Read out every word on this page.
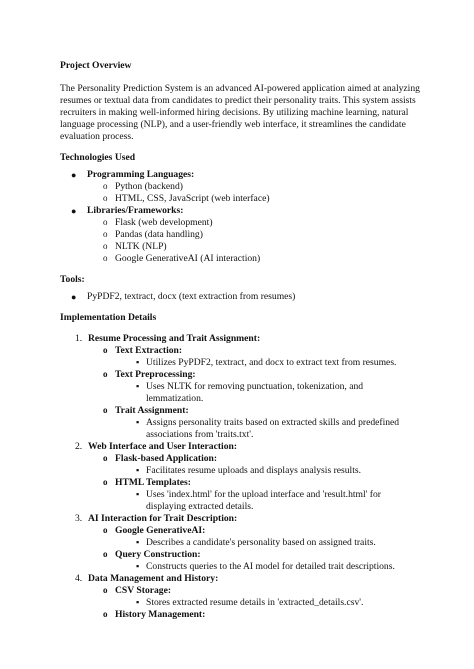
Project Overview
The Personality Prediction System is an advanced AI-powered application aimed at analyzing
resumes or textual data from candidates to predict their personality traits. This system assists
recruiters in making well-informed hiring decisions. By utilizing machine learning, natural
language processing (NLP), and a user-friendly web interface, it streamlines the candidate
evaluation process.
Technologies Used
● Programming Languages:
o Python (backend)
o HTML, CSS, JavaScript (web interface)
● Libraries/Frameworks:
o Flask (web development)
o Pandas (data handling)
o NLTK (NLP)
o Google GenerativeAI (AI interaction)
Tools:
● PyPDF2, textract, docx (text extraction from resumes)
Implementation Details
1. Resume Processing and Trait Assignment:
o Text Extraction:
▪ Utilizes PyPDF2, textract, and docx to extract text from resumes.
o Text Preprocessing:
▪ Uses NLTK for removing punctuation, tokenization, and
lemmatization.
o Trait Assignment:
▪ Assigns personality traits based on extracted skills and predefined
associations from 'traits.txt'.
2. Web Interface and User Interaction:
o Flask-based Application:
▪ Facilitates resume uploads and displays analysis results.
o HTML Templates:
▪ Uses 'index.html' for the upload interface and 'result.html' for
displaying extracted details.
3. AI Interaction for Trait Description:
o Google GenerativeAI:
▪ Describes a candidate's personality based on assigned traits.
o Query Construction:
▪ Constructs queries to the AI model for detailed trait descriptions.
4. Data Management and History:
o CSV Storage:
▪ Stores extracted resume details in 'extracted_details.csv'.
o History Management:
